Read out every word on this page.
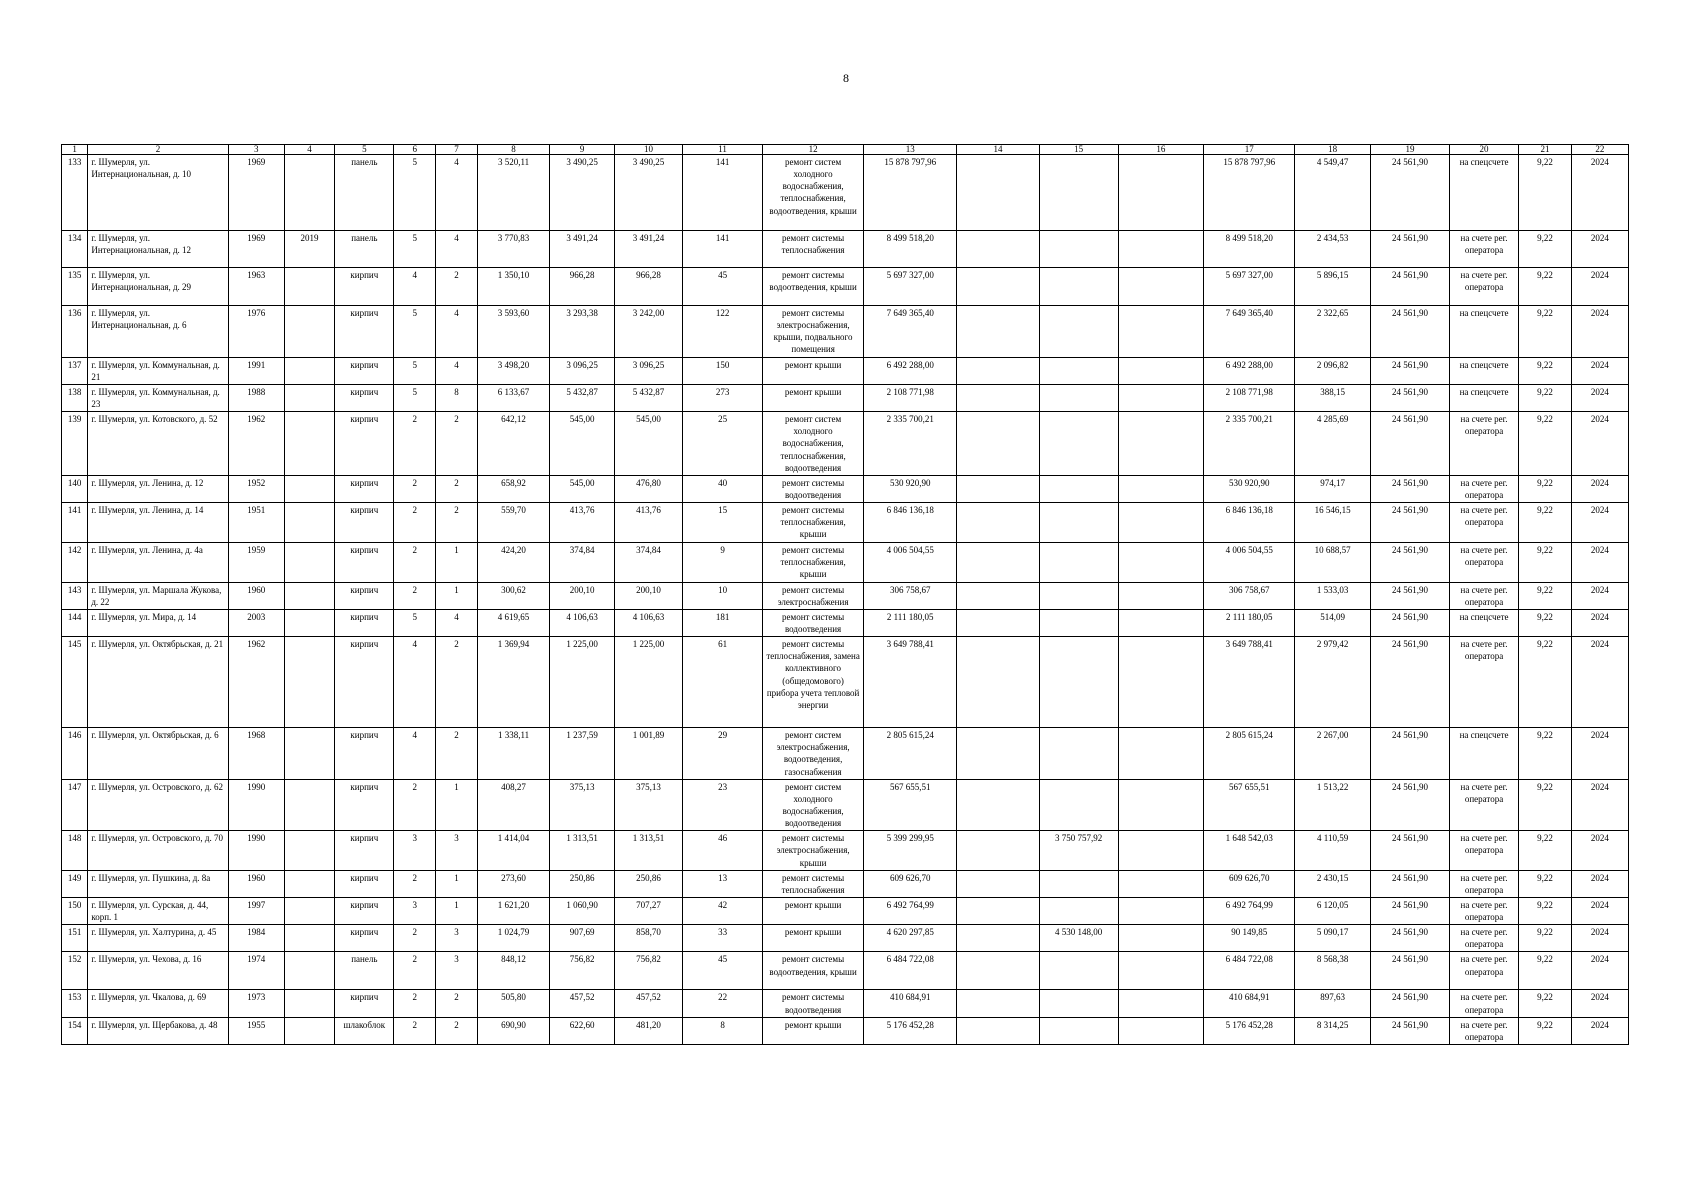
8
1	2	3	4	5	6	7	8	9	10	11	12	13	14	15	16	17	18	19	20	21	22
133	г. Шумерля, ул. Интернациональная, д. 10	1969		панель	5	4	3 520,11	3 490,25	3 490,25	141	ремонт систем холодного водоснабжения, теплоснабжения, водоотведения, крыши	15 878 797,96				15 878 797,96	4 549,47	24 561,90	на спецсчете	9,22	2024
134	г. Шумерля, ул. Интернациональная, д. 12	1969	2019	панель	5	4	3 770,83	3 491,24	3 491,24	141	ремонт системы теплоснабжения	8 499 518,20				8 499 518,20	2 434,53	24 561,90	на счете рег. оператора	9,22	2024
135	г. Шумерля, ул. Интернациональная, д. 29	1963		кирпич	4	2	1 350,10	966,28	966,28	45	ремонт системы водоотведения, крыши	5 697 327,00				5 697 327,00	5 896,15	24 561,90	на счете рег. оператора	9,22	2024
136	г. Шумерля, ул. Интернациональная, д. 6	1976		кирпич	5	4	3 593,60	3 293,38	3 242,00	122	ремонт системы электроснабжения, крыши, подвального помещения	7 649 365,40				7 649 365,40	2 322,65	24 561,90	на спецсчете	9,22	2024
137	г. Шумерля, ул. Коммунальная, д. 21	1991		кирпич	5	4	3 498,20	3 096,25	3 096,25	150	ремонт крыши	6 492 288,00				6 492 288,00	2 096,82	24 561,90	на спецсчете	9,22	2024
138	г. Шумерля, ул. Коммунальная, д. 23	1988		кирпич	5	8	6 133,67	5 432,87	5 432,87	273	ремонт крыши	2 108 771,98				2 108 771,98	388,15	24 561,90	на спецсчете	9,22	2024
139	г. Шумерля, ул. Котовского, д. 52	1962		кирпич	2	2	642,12	545,00	545,00	25	ремонт систем холодного водоснабжения, теплоснабжения, водоотведения	2 335 700,21				2 335 700,21	4 285,69	24 561,90	на счете рег. оператора	9,22	2024
140	г. Шумерля, ул. Ленина, д. 12	1952		кирпич	2	2	658,92	545,00	476,80	40	ремонт системы водоотведения	530 920,90				530 920,90	974,17	24 561,90	на счете рег. оператора	9,22	2024
141	г. Шумерля, ул. Ленина, д. 14	1951		кирпич	2	2	559,70	413,76	413,76	15	ремонт системы теплоснабжения, крыши	6 846 136,18				6 846 136,18	16 546,15	24 561,90	на счете рег. оператора	9,22	2024
142	г. Шумерля, ул. Ленина, д. 4а	1959		кирпич	2	1	424,20	374,84	374,84	9	ремонт системы теплоснабжения, крыши	4 006 504,55				4 006 504,55	10 688,57	24 561,90	на счете рег. оператора	9,22	2024
143	г. Шумерля, ул. Маршала Жукова, д. 22	1960		кирпич	2	1	300,62	200,10	200,10	10	ремонт системы электроснабжения	306 758,67				306 758,67	1 533,03	24 561,90	на счете рег. оператора	9,22	2024
144	г. Шумерля, ул. Мира, д. 14	2003		кирпич	5	4	4 619,65	4 106,63	4 106,63	181	ремонт системы водоотведения	2 111 180,05				2 111 180,05	514,09	24 561,90	на спецсчете	9,22	2024
145	г. Шумерля, ул. Октябрьская, д. 21	1962		кирпич	4	2	1 369,94	1 225,00	1 225,00	61	ремонт системы теплоснабжения, замена коллективного (общедомового) прибора учета тепловой энергии	3 649 788,41				3 649 788,41	2 979,42	24 561,90	на счете рег. оператора	9,22	2024
146	г. Шумерля, ул. Октябрьская, д. 6	1968		кирпич	4	2	1 338,11	1 237,59	1 001,89	29	ремонт систем электроснабжения, водоотведения, газоснабжения	2 805 615,24				2 805 615,24	2 267,00	24 561,90	на спецсчете	9,22	2024
147	г. Шумерля, ул. Островского, д. 62	1990		кирпич	2	1	408,27	375,13	375,13	23	ремонт систем холодного водоснабжения, водоотведения	567 655,51				567 655,51	1 513,22	24 561,90	на счете рег. оператора	9,22	2024
148	г. Шумерля, ул. Островского, д. 70	1990		кирпич	3	3	1 414,04	1 313,51	1 313,51	46	ремонт системы электроснабжения, крыши	5 399 299,95		3 750 757,92		1 648 542,03	4 110,59	24 561,90	на счете рег. оператора	9,22	2024
149	г. Шумерля, ул. Пушкина, д. 8а	1960		кирпич	2	1	273,60	250,86	250,86	13	ремонт системы теплоснабжения	609 626,70				609 626,70	2 430,15	24 561,90	на счете рег. оператора	9,22	2024
150	г. Шумерля, ул. Сурская, д. 44, корп. 1	1997		кирпич	3	1	1 621,20	1 060,90	707,27	42	ремонт крыши	6 492 764,99				6 492 764,99	6 120,05	24 561,90	на счете рег. оператора	9,22	2024
151	г. Шумерля, ул. Халтурина, д. 45	1984		кирпич	2	3	1 024,79	907,69	858,70	33	ремонт крыши	4 620 297,85		4 530 148,00		90 149,85	5 090,17	24 561,90	на счете рег. оператора	9,22	2024
152	г. Шумерля, ул. Чехова, д. 16	1974		панель	2	3	848,12	756,82	756,82	45	ремонт системы водоотведения, крыши	6 484 722,08				6 484 722,08	8 568,38	24 561,90	на счете рег. оператора	9,22	2024
153	г. Шумерля, ул. Чкалова, д. 69	1973		кирпич	2	2	505,80	457,52	457,52	22	ремонт системы водоотведения	410 684,91				410 684,91	897,63	24 561,90	на счете рег. оператора	9,22	2024
154	г. Шумерля, ул. Щербакова, д. 48	1955		шлакоблок	2	2	690,90	622,60	481,20	8	ремонт крыши	5 176 452,28				5 176 452,28	8 314,25	24 561,90	на счете рег. оператора	9,22	2024
